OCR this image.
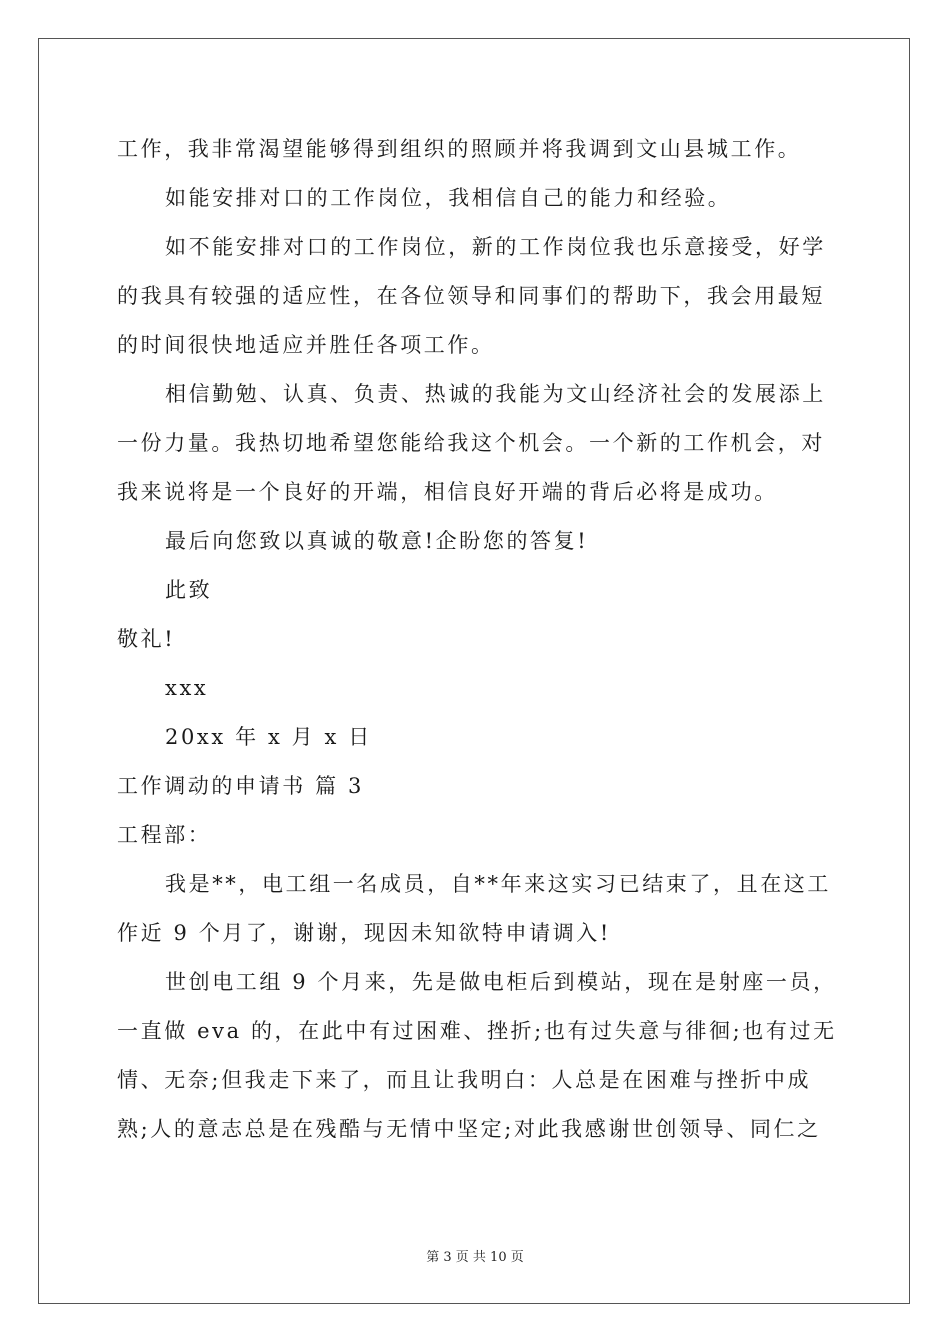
工作，我非常渴望能够得到组织的照顾并将我调到文山县城工作。
如能安排对口的工作岗位，我相信自己的能力和经验。
如不能安排对口的工作岗位，新的工作岗位我也乐意接受，好学
的我具有较强的适应性，在各位领导和同事们的帮助下，我会用最短
的时间很快地适应并胜任各项工作。
相信勤勉、认真、负责、热诚的我能为文山经济社会的发展添上
一份力量。我热切地希望您能给我这个机会。一个新的工作机会，对
我来说将是一个良好的开端，相信良好开端的背后必将是成功。
最后向您致以真诚的敬意!企盼您的答复!
此致
敬礼!
xxx
20xx 年 x 月 x 日
工作调动的申请书 篇 3
工程部：
我是**，电工组一名成员，自**年来这实习已结束了，且在这工
作近 9 个月了，谢谢，现因未知欲特申请调入!
世创电工组 9 个月来，先是做电柜后到模站，现在是射座一员，
一直做 eva 的，在此中有过困难、挫折;也有过失意与徘徊;也有过无
情、无奈;但我走下来了，而且让我明白：人总是在困难与挫折中成
熟;人的意志总是在残酷与无情中坚定;对此我感谢世创领导、同仁之
第 3 页 共 10 页
